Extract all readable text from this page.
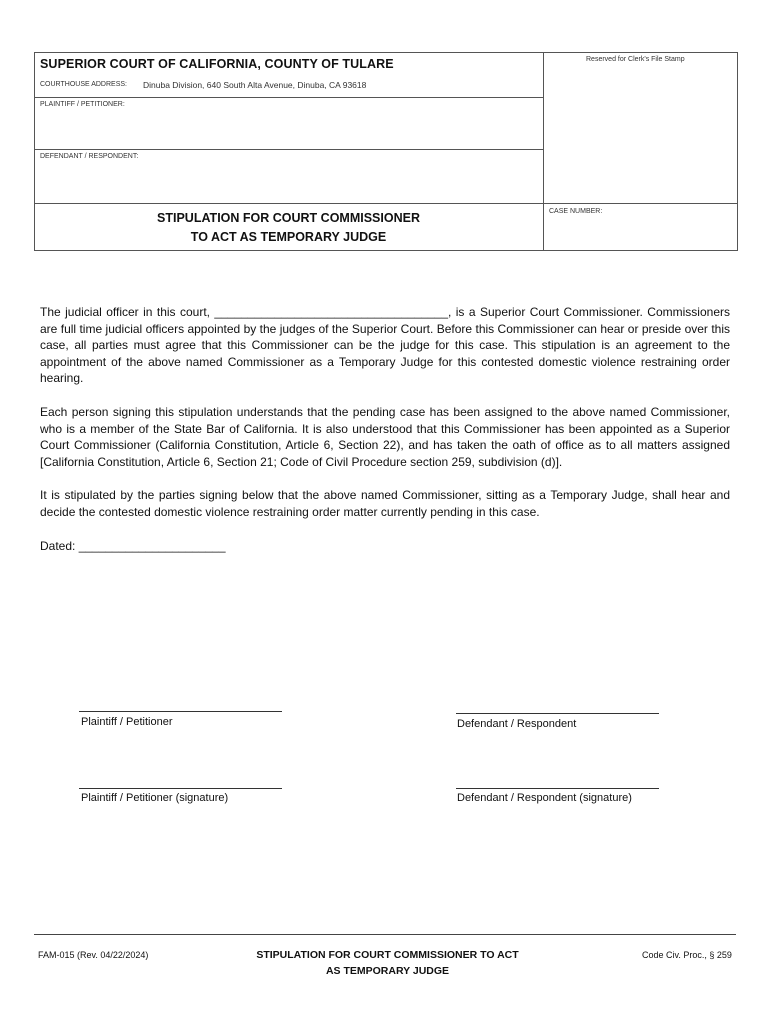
SUPERIOR COURT OF CALIFORNIA, COUNTY OF TULARE
COURTHOUSE ADDRESS: Dinuba Division, 640 South Alta Avenue, Dinuba, CA 93618
PLAINTIFF / PETITIONER:
DEFENDANT / RESPONDENT:
Reserved for Clerk's File Stamp
CASE NUMBER:
STIPULATION FOR COURT COMMISSIONER
TO ACT AS TEMPORARY JUDGE

The judicial officer in this court, ___________________________________, is a Superior Court Commissioner. Commissioners are full time judicial officers appointed by the judges of the Superior Court. Before this Commissioner can hear or preside over this case, all parties must agree that this Commissioner can be the judge for this case. This stipulation is an agreement to the appointment of the above named Commissioner as a Temporary Judge for this contested domestic violence restraining order hearing.

Each person signing this stipulation understands that the pending case has been assigned to the above named Commissioner, who is a member of the State Bar of California. It is also understood that this Commissioner has been appointed as a Superior Court Commissioner (California Constitution, Article 6, Section 22), and has taken the oath of office as to all matters assigned [California Constitution, Article 6, Section 21; Code of Civil Procedure section 259, subdivision (d)].

It is stipulated by the parties signing below that the above named Commissioner, sitting as a Temporary Judge, shall hear and decide the contested domestic violence restraining order matter currently pending in this case.

Dated: ______________________

Plaintiff / Petitioner	Defendant / Respondent
Plaintiff / Petitioner (signature)	Defendant / Respondent (signature)
FAM-015 (Rev. 04/22/2024)	STIPULATION FOR COURT COMMISSIONER TO ACT
AS TEMPORARY JUDGE
Code Civ. Proc., § 259
